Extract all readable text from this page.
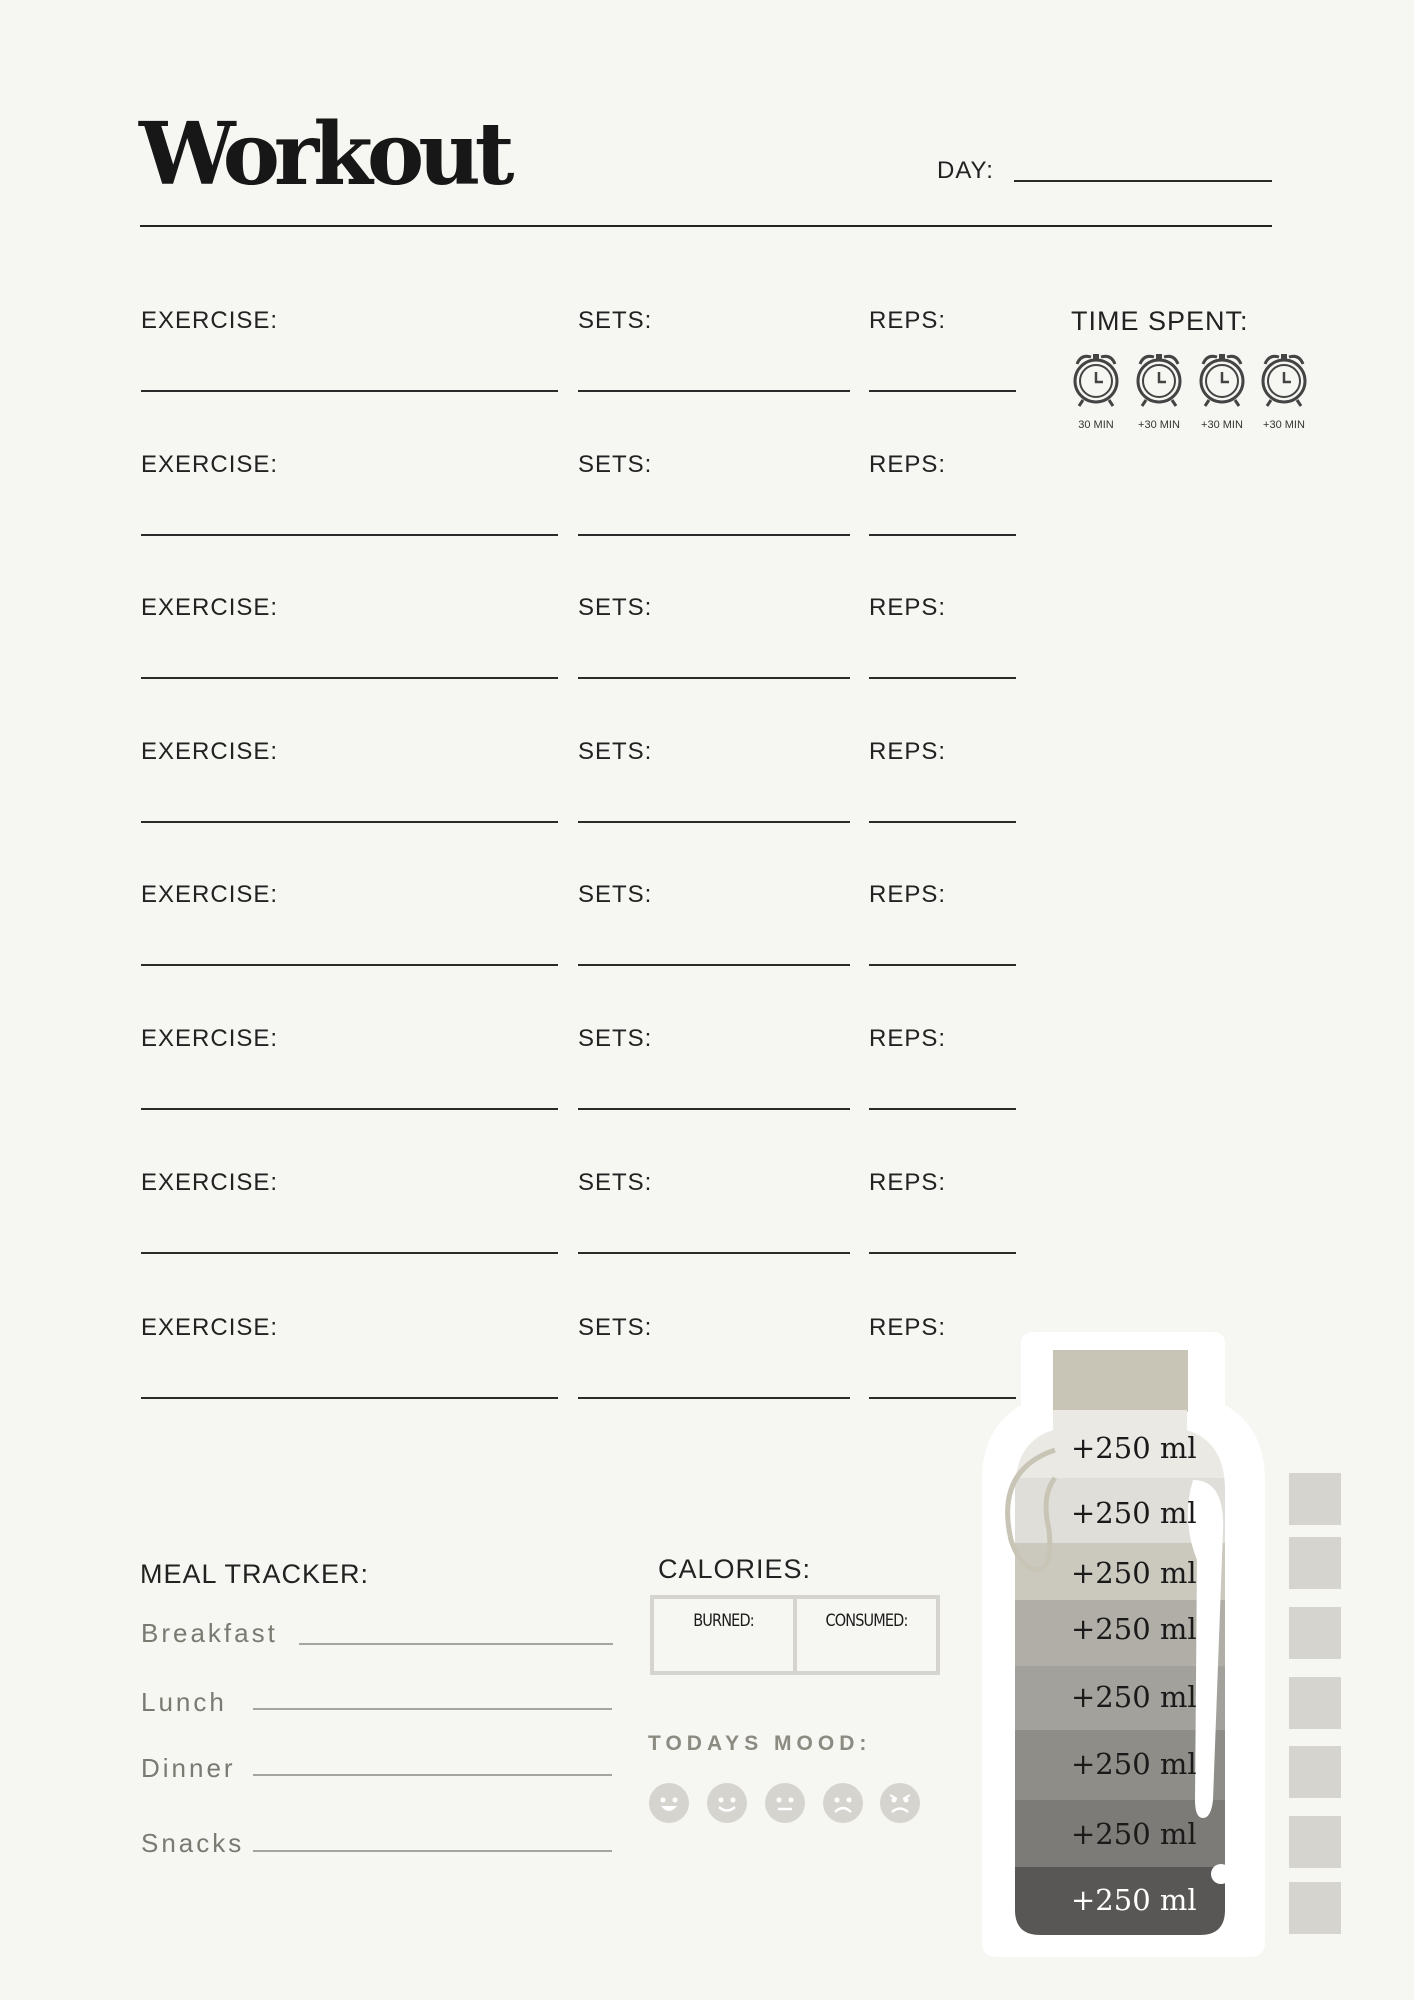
Workout	DAY:
EXERCISE:	SETS:	REPS:
EXERCISE:	SETS:	REPS:
EXERCISE:	SETS:	REPS:
EXERCISE:	SETS:	REPS:
EXERCISE:	SETS:	REPS:
EXERCISE:	SETS:	REPS:
EXERCISE:	SETS:	REPS:
EXERCISE:	SETS:	REPS:
TIME SPENT:
30 MIN	+30 MIN	+30 MIN	+30 MIN
MEAL TRACKER:
Breakfast
Lunch
Dinner
Snacks
CALORIES:
BURNED:	CONSUMED:
TODAYS MOOD:
+250 ml
+250 ml
+250 ml
+250 ml
+250 ml
+250 ml
+250 ml
+250 ml
